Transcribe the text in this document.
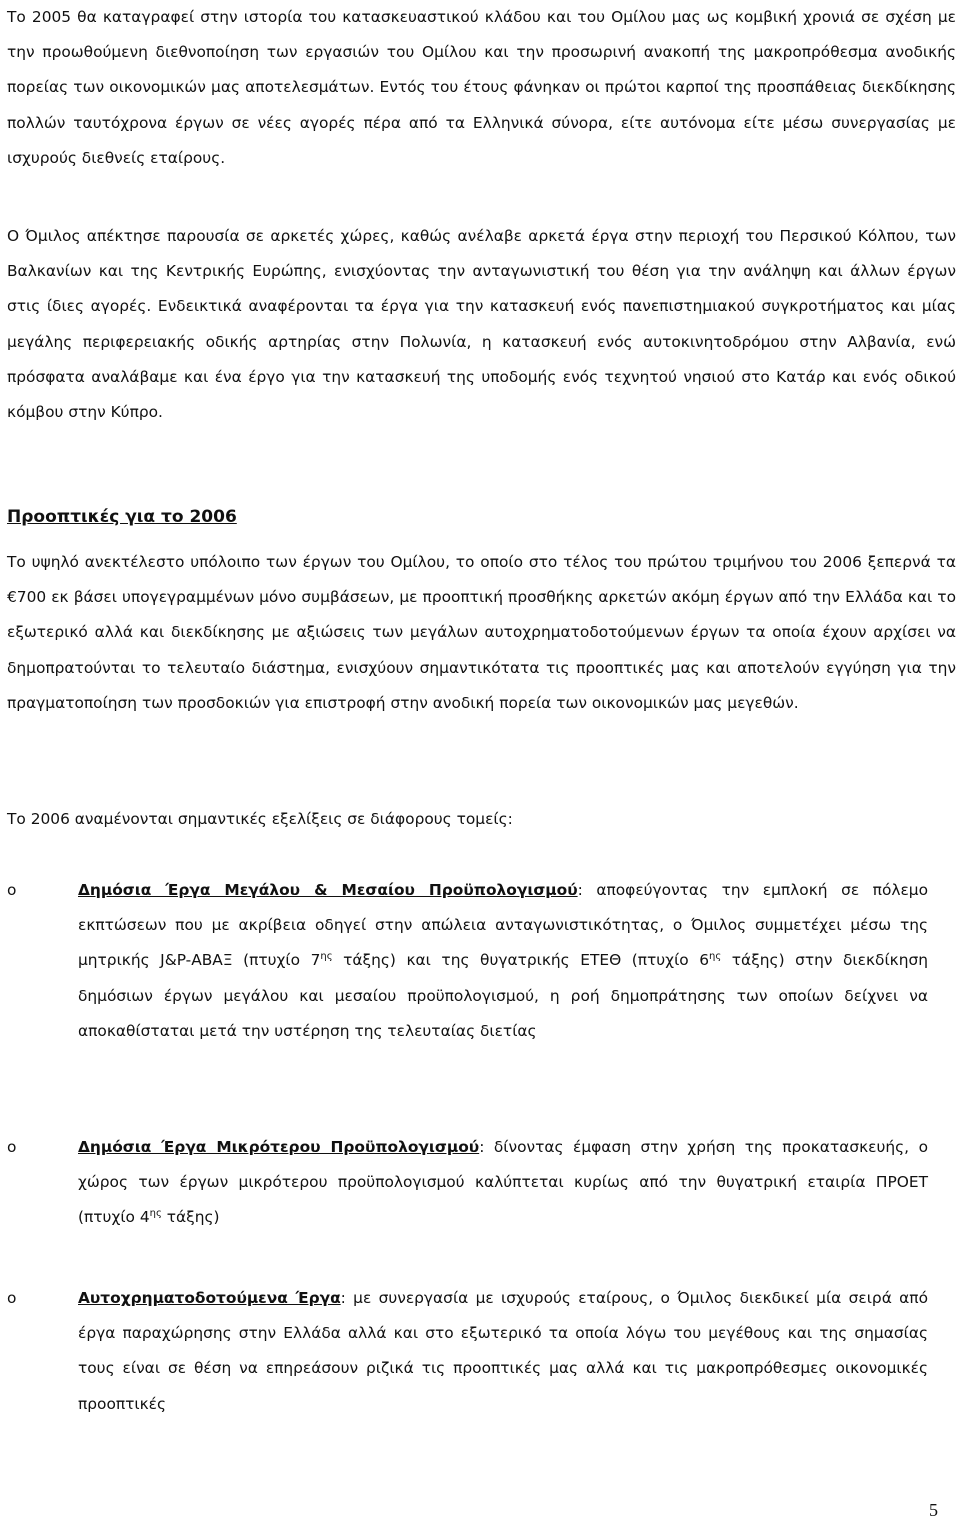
Το 2005 θα καταγραφεί στην ιστορία του κατασκευαστικού κλάδου και του Ομίλου μας ως κομβική χρονιά σε σχέση με την προωθούμενη διεθνοποίηση των εργασιών του Ομίλου και την προσωρινή ανακοπή της μακροπρόθεσμα ανοδικής πορείας των οικονομικών μας αποτελεσμάτων. Εντός του έτους φάνηκαν οι πρώτοι καρποί της προσπάθειας διεκδίκησης πολλών ταυτόχρονα έργων σε νέες αγορές πέρα από τα Ελληνικά σύνορα, είτε αυτόνομα είτε μέσω συνεργασίας με ισχυρούς διεθνείς εταίρους.

Ο Όμιλος απέκτησε παρουσία σε αρκετές χώρες, καθώς ανέλαβε αρκετά έργα στην περιοχή του Περσικού Κόλπου, των Βαλκανίων και της Κεντρικής Ευρώπης, ενισχύοντας την ανταγωνιστική του θέση για την ανάληψη και άλλων έργων στις ίδιες αγορές. Ενδεικτικά αναφέρονται τα έργα για την κατασκευή ενός πανεπιστημιακού συγκροτήματος και μίας μεγάλης περιφερειακής οδικής αρτηρίας στην Πολωνία, η κατασκευή ενός αυτοκινητοδρόμου στην Αλβανία, ενώ πρόσφατα αναλάβαμε και ένα έργο για την κατασκευή της υποδομής ενός τεχνητού νησιού στο Κατάρ και ενός οδικού κόμβου στην Κύπρο.

Προοπτικές για το 2006

Το υψηλό ανεκτέλεστο υπόλοιπο των έργων του Ομίλου, το οποίο στο τέλος του πρώτου τριμήνου του 2006 ξεπερνά τα €700 εκ βάσει υπογεγραμμένων μόνο συμβάσεων, με προοπτική προσθήκης αρκετών ακόμη έργων από την Ελλάδα και το εξωτερικό αλλά και διεκδίκησης με αξιώσεις των μεγάλων αυτοχρηματοδοτούμενων έργων τα οποία έχουν αρχίσει να δημοπρατούνται το τελευταίο διάστημα, ενισχύουν σημαντικότατα τις προοπτικές μας και αποτελούν εγγύηση για την πραγματοποίηση των προσδοκιών για επιστροφή στην ανοδική πορεία των οικονομικών μας μεγεθών.

Το 2006 αναμένονται σημαντικές εξελίξεις σε διάφορους τομείς:

o	Δημόσια Έργα Μεγάλου & Μεσαίου Προϋπολογισμού: αποφεύγοντας την εμπλοκή σε πόλεμο εκπτώσεων που με ακρίβεια οδηγεί στην απώλεια ανταγωνιστικότητας, ο Όμιλος συμμετέχει μέσω της μητρικής J&P-ΑΒΑΞ (πτυχίο $7^{\eta\varsigma}$ τάξης) και της θυγατρικής ΕΤΕΘ (πτυχίο $6^{\eta\varsigma}$ τάξης) στην διεκδίκηση δημόσιων έργων μεγάλου και μεσαίου προϋπολογισμού, η ροή δημοπράτησης των οποίων δείχνει να αποκαθίσταται μετά την υστέρηση της τελευταίας διετίας
o	Δημόσια Έργα Μικρότερου Προϋπολογισμού: δίνοντας έμφαση στην χρήση της προκατασκευής, ο χώρος των έργων μικρότερου προϋπολογισμού καλύπτεται κυρίως από την θυγατρική εταιρία ΠΡΟΕΤ (πτυχίο $4^{\eta\varsigma}$ τάξης)
o	Αυτοχρηματοδοτούμενα Έργα: με συνεργασία με ισχυρούς εταίρους, ο Όμιλος διεκδικεί μία σειρά από έργα παραχώρησης στην Ελλάδα αλλά και στο εξωτερικό τα οποία λόγω του μεγέθους και της σημασίας τους είναι σε θέση να επηρεάσουν ριζικά τις προοπτικές μας αλλά και τις μακροπρόθεσμες οικονομικές προοπτικές
5
